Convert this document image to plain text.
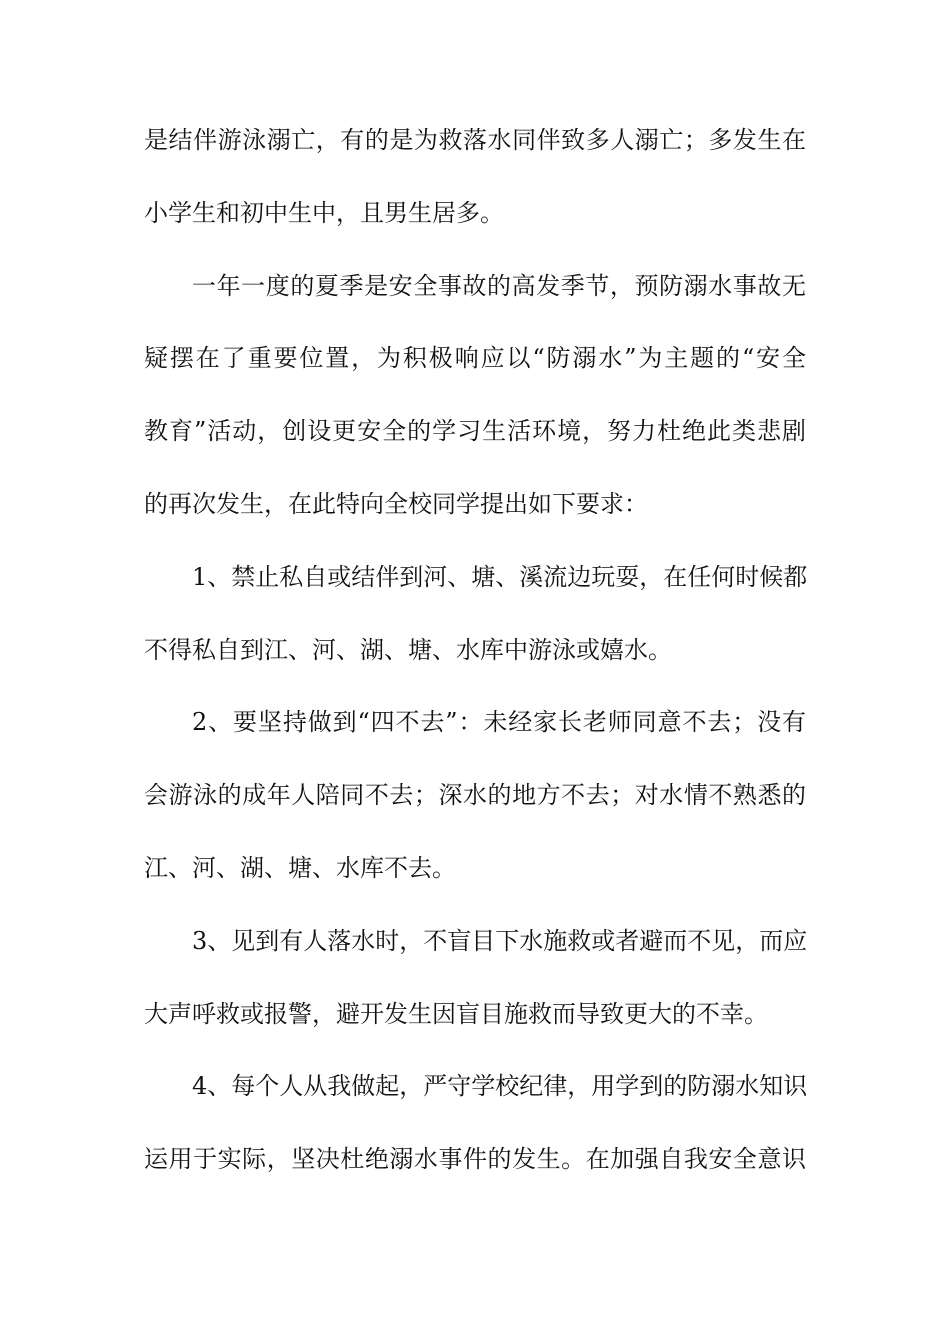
是结伴游泳溺亡，有的是为救落水同伴致多人溺亡；多发生在
小学生和初中生中，且男生居多。
一年一度的夏季是安全事故的高发季节，预防溺水事故无
疑摆在了重要位置，为积极响应以“防溺水”为主题的“安全
教育”活动，创设更安全的学习生活环境，努力杜绝此类悲剧
的再次发生，在此特向全校同学提出如下要求：
1、禁止私自或结伴到河、塘、溪流边玩耍，在任何时候都
不得私自到江、河、湖、塘、水库中游泳或嬉水。
2、要坚持做到“四不去”：未经家长老师同意不去；没有
会游泳的成年人陪同不去；深水的地方不去；对水情不熟悉的
江、河、湖、塘、水库不去。
3、见到有人落水时，不盲目下水施救或者避而不见，而应
大声呼救或报警，避开发生因盲目施救而导致更大的不幸。
4、每个人从我做起，严守学校纪律，用学到的防溺水知识
运用于实际，坚决杜绝溺水事件的发生。在加强自我安全意识
